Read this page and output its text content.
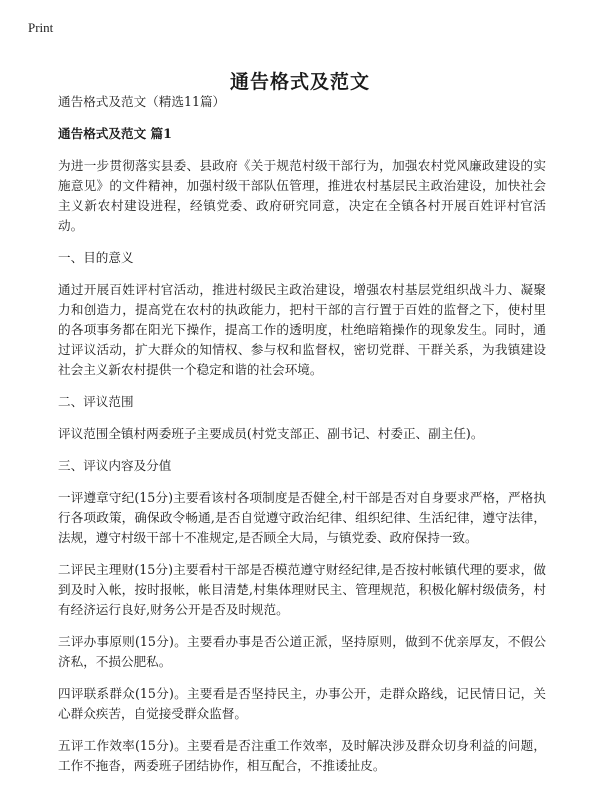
Print
通告格式及范文

通告格式及范文（精选11篇）

通告格式及范文 篇1

为进一步贯彻落实县委、县政府《关于规范村级干部行为，加强农村党风廉政建设的实施意见》的文件精神，加强村级干部队伍管理，推进农村基层民主政治建设，加快社会主义新农村建设进程，经镇党委、政府研究同意，决定在全镇各村开展百姓评村官活动。

一、目的意义

通过开展百姓评村官活动，推进村级民主政治建设，增强农村基层党组织战斗力、凝聚力和创造力，提高党在农村的执政能力，把村干部的言行置于百姓的监督之下，使村里的各项事务都在阳光下操作，提高工作的透明度，杜绝暗箱操作的现象发生。同时，通过评议活动，扩大群众的知情权、参与权和监督权，密切党群、干群关系，为我镇建设社会主义新农村提供一个稳定和谐的社会环境。

二、评议范围

评议范围全镇村两委班子主要成员(村党支部正、副书记、村委正、副主任)。

三、评议内容及分值

一评遵章守纪(15分)主要看该村各项制度是否健全,村干部是否对自身要求严格，严格执行各项政策，确保政令畅通,是否自觉遵守政治纪律、组织纪律、生活纪律，遵守法律，法规，遵守村级干部十不准规定,是否顾全大局，与镇党委、政府保持一致。

二评民主理财(15分)主要看村干部是否模范遵守财经纪律,是否按村帐镇代理的要求，做到及时入帐，按时报帐，帐目清楚,村集体理财民主、管理规范，积极化解村级债务，村有经济运行良好,财务公开是否及时规范。

三评办事原则(15分)。主要看办事是否公道正派，坚持原则，做到不优亲厚友，不假公济私，不损公肥私。

四评联系群众(15分)。主要看是否坚持民主，办事公开，走群众路线，记民情日记，关心群众疾苦，自觉接受群众监督。

五评工作效率(15分)。主要看是否注重工作效率，及时解决涉及群众切身利益的问题，工作不拖沓，两委班子团结协作，相互配合，不推诿扯皮。
